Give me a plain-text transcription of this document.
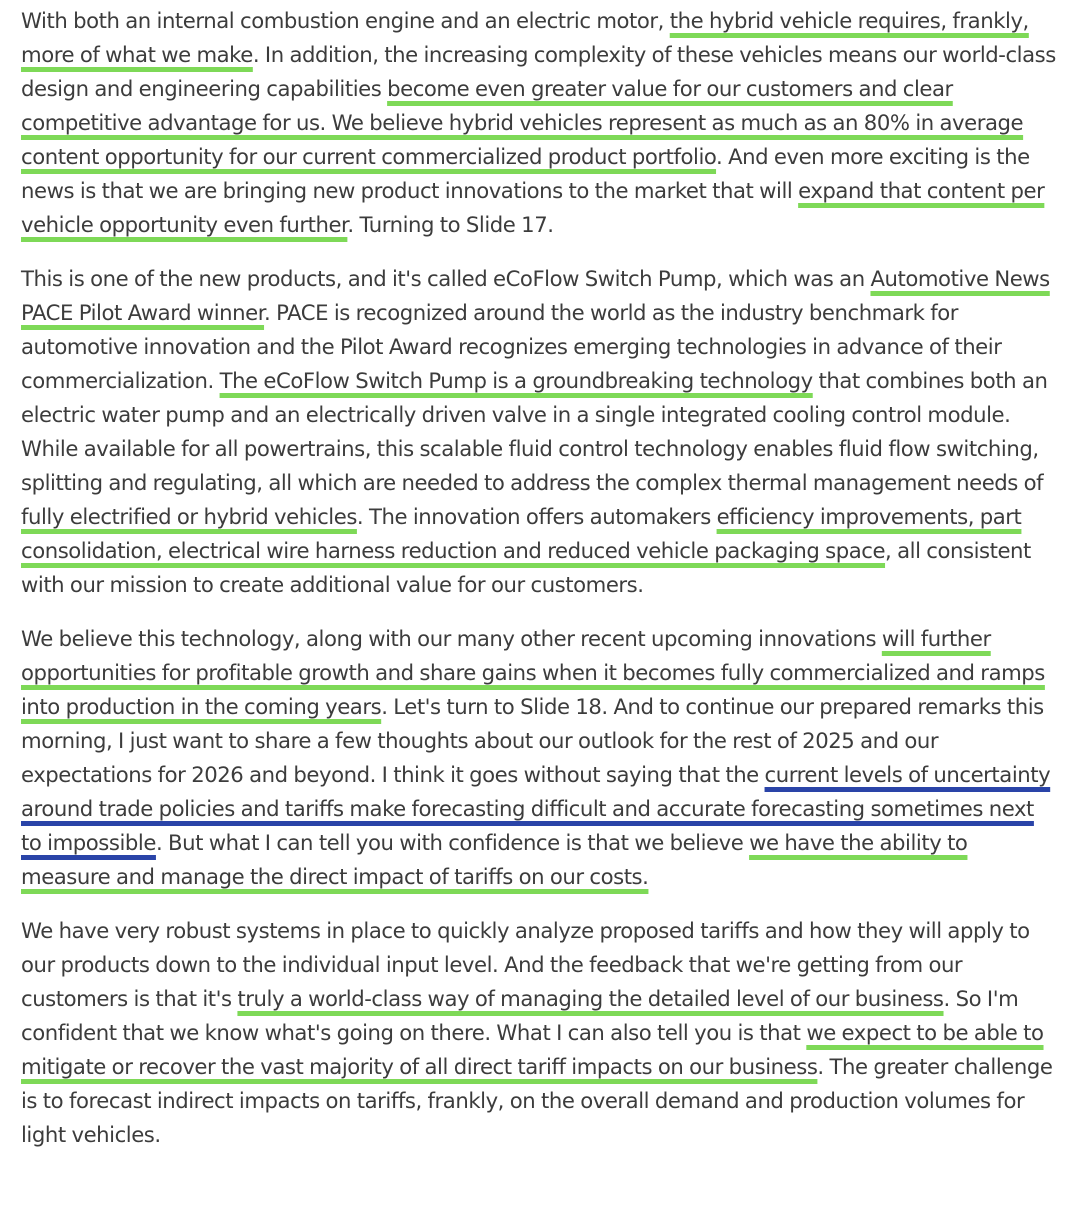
With both an internal combustion engine and an electric motor, the hybrid vehicle requires, frankly, more of what we make. In addition, the increasing complexity of these vehicles means our world-class design and engineering capabilities become even greater value for our customers and clear competitive advantage for us. We believe hybrid vehicles represent as much as an 80% in average content opportunity for our current commercialized product portfolio. And even more exciting is the news is that we are bringing new product innovations to the market that will expand that content per vehicle opportunity even further. Turning to Slide 17.

This is one of the new products, and it's called eCoFlow Switch Pump, which was an Automotive News PACE Pilot Award winner. PACE is recognized around the world as the industry benchmark for automotive innovation and the Pilot Award recognizes emerging technologies in advance of their commercialization. The eCoFlow Switch Pump is a groundbreaking technology that combines both an electric water pump and an electrically driven valve in a single integrated cooling control module. While available for all powertrains, this scalable fluid control technology enables fluid flow switching, splitting and regulating, all which are needed to address the complex thermal management needs of fully electrified or hybrid vehicles. The innovation offers automakers efficiency improvements, part consolidation, electrical wire harness reduction and reduced vehicle packaging space, all consistent with our mission to create additional value for our customers.

We believe this technology, along with our many other recent upcoming innovations will further opportunities for profitable growth and share gains when it becomes fully commercialized and ramps into production in the coming years. Let's turn to Slide 18. And to continue our prepared remarks this morning, I just want to share a few thoughts about our outlook for the rest of 2025 and our expectations for 2026 and beyond. I think it goes without saying that the current levels of uncertainty around trade policies and tariffs make forecasting difficult and accurate forecasting sometimes next to impossible. But what I can tell you with confidence is that we believe we have the ability to measure and manage the direct impact of tariffs on our costs.

We have very robust systems in place to quickly analyze proposed tariffs and how they will apply to our products down to the individual input level. And the feedback that we're getting from our customers is that it's truly a world-class way of managing the detailed level of our business. So I'm confident that we know what's going on there. What I can also tell you is that we expect to be able to mitigate or recover the vast majority of all direct tariff impacts on our business. The greater challenge is to forecast indirect impacts on tariffs, frankly, on the overall demand and production volumes for light vehicles.
